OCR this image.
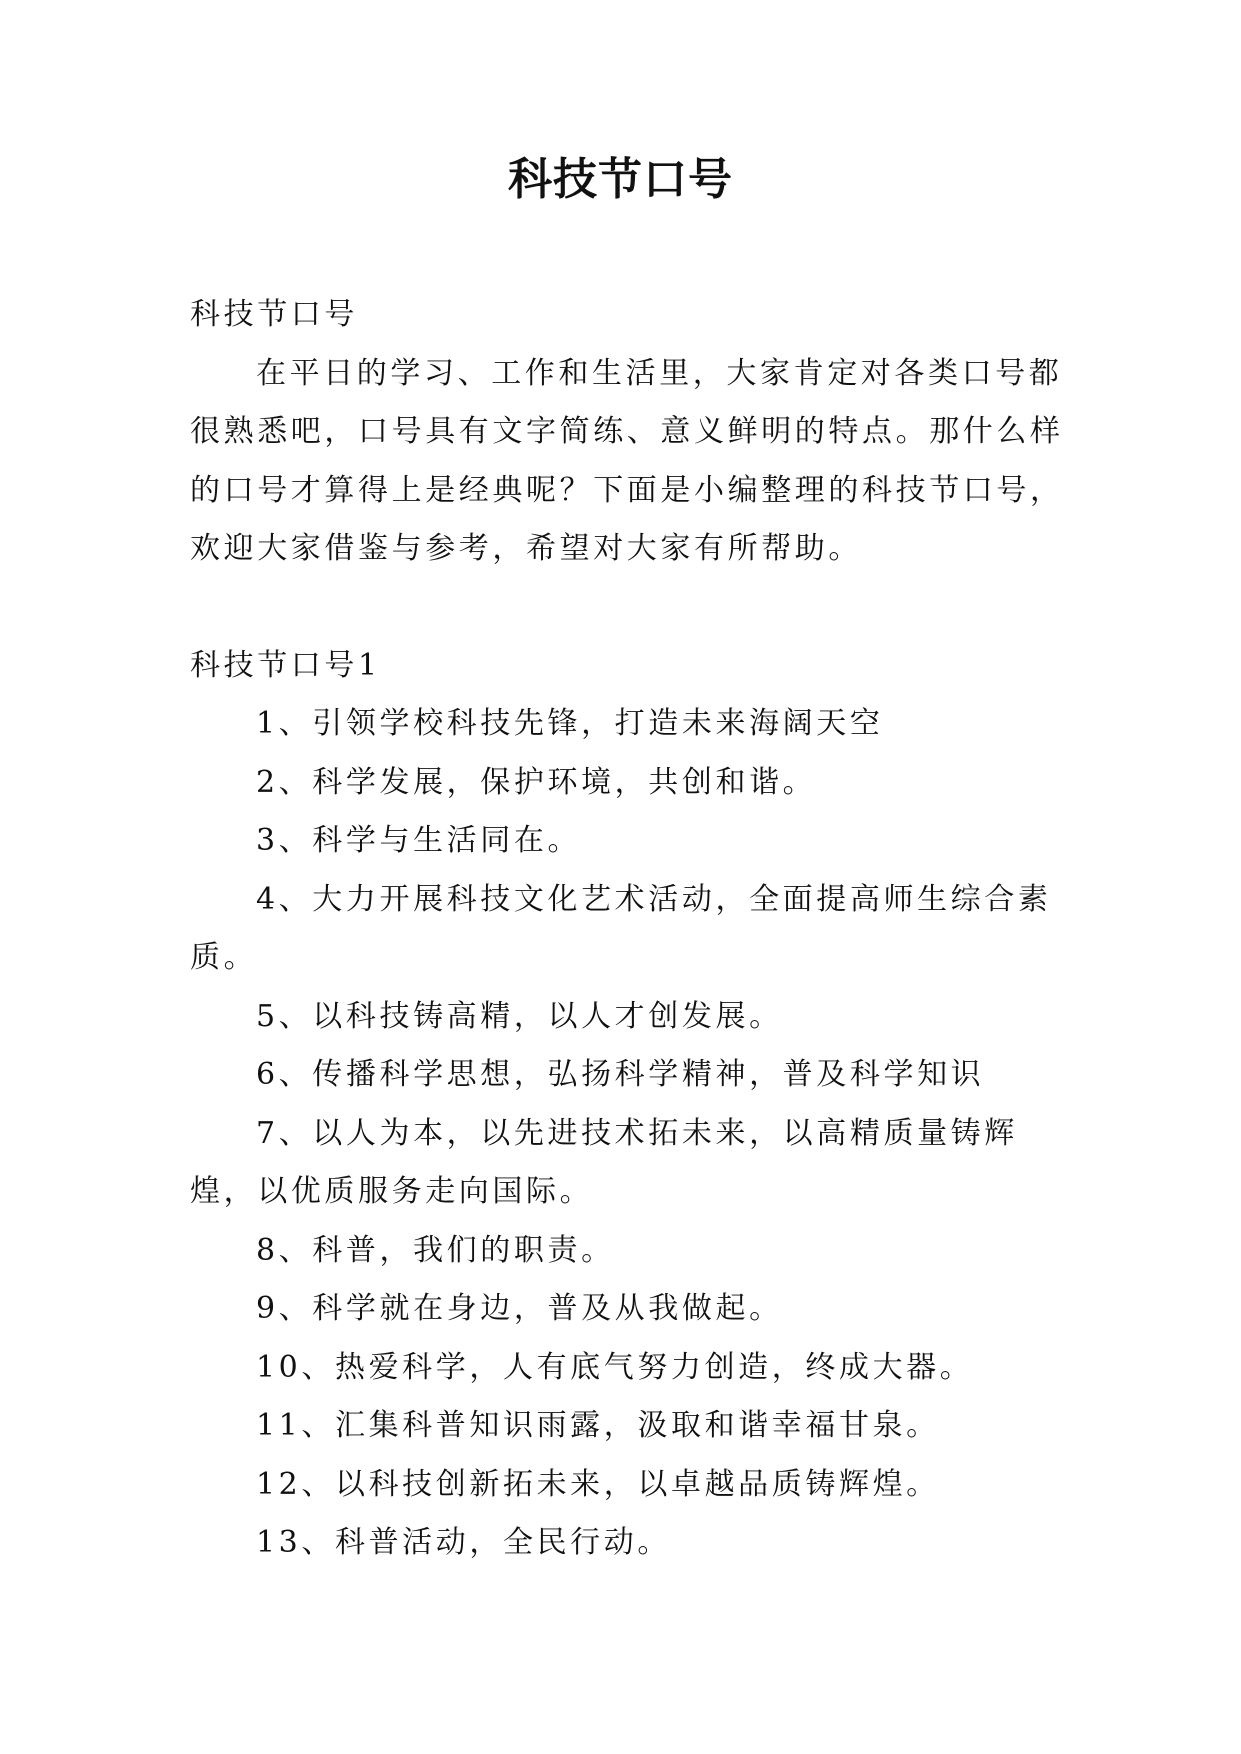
科技节口号

科技节口号

在平日的学习、工作和生活里，大家肯定对各类口号都很熟悉吧，口号具有文字简练、意义鲜明的特点。那什么样的口号才算得上是经典呢？下面是小编整理的科技节口号，欢迎大家借鉴与参考，希望对大家有所帮助。

科技节口号1

1、引领学校科技先锋，打造未来海阔天空

2、科学发展，保护环境，共创和谐。

3、科学与生活同在。

4、大力开展科技文化艺术活动，全面提高师生综合素质。

5、以科技铸高精，以人才创发展。

6、传播科学思想，弘扬科学精神，普及科学知识

7、以人为本，以先进技术拓未来，以高精质量铸辉煌，以优质服务走向国际。

8、科普，我们的职责。

9、科学就在身边，普及从我做起。

10、热爱科学，人有底气努力创造，终成大器。

11、汇集科普知识雨露，汲取和谐幸福甘泉。

12、以科技创新拓未来，以卓越品质铸辉煌。

13、科普活动，全民行动。
